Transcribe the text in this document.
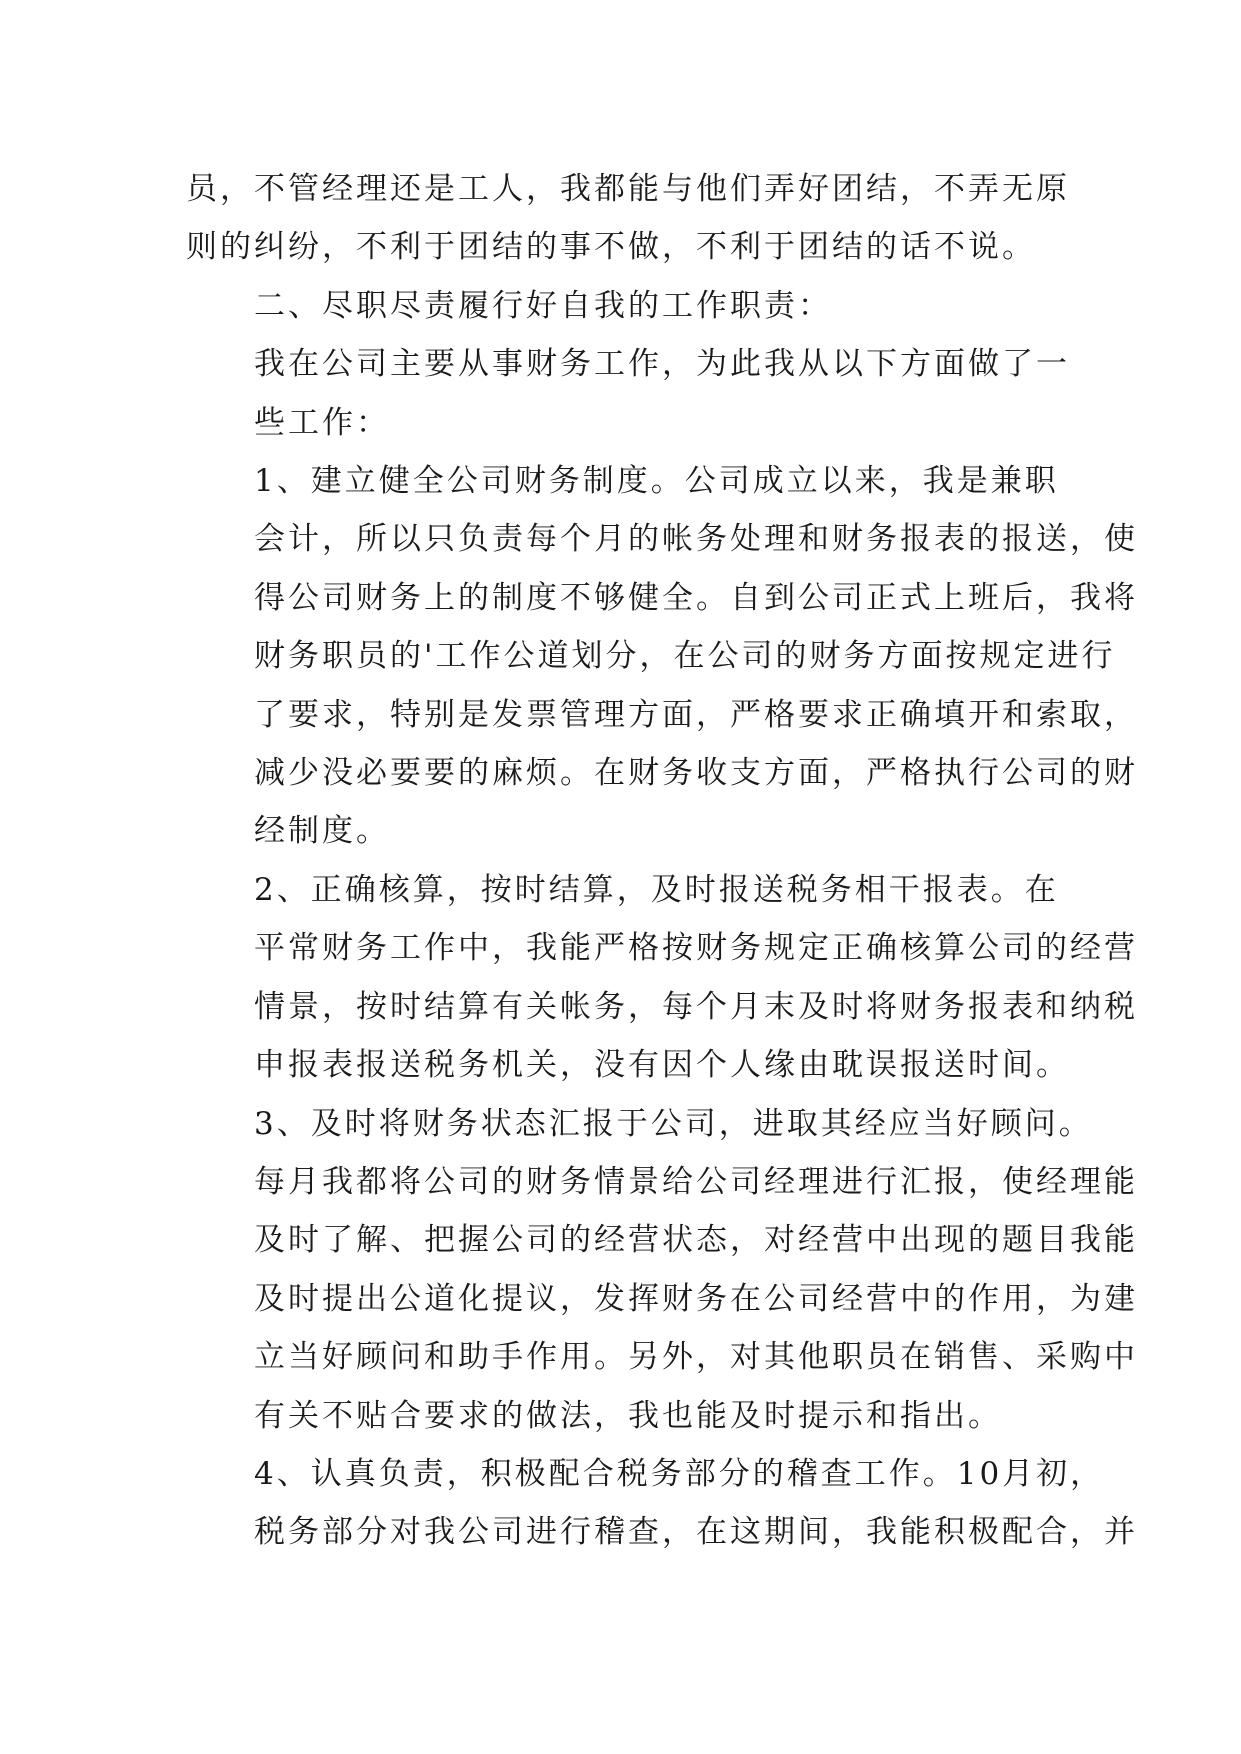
员，不管经理还是工人，我都能与他们弄好团结，不弄无原
则的纠纷，不利于团结的事不做，不利于团结的话不说。
二、尽职尽责履行好自我的工作职责：
我在公司主要从事财务工作，为此我从以下方面做了一
些工作：
1、建立健全公司财务制度。公司成立以来，我是兼职
会计，所以只负责每个月的帐务处理和财务报表的报送，使
得公司财务上的制度不够健全。自到公司正式上班后，我将
财务职员的'工作公道划分，在公司的财务方面按规定进行
了要求，特别是发票管理方面，严格要求正确填开和索取，
减少没必要要的麻烦。在财务收支方面，严格执行公司的财
经制度。
2、正确核算，按时结算，及时报送税务相干报表。在
平常财务工作中，我能严格按财务规定正确核算公司的经营
情景，按时结算有关帐务，每个月末及时将财务报表和纳税
申报表报送税务机关，没有因个人缘由耽误报送时间。
3、及时将财务状态汇报于公司，进取其经应当好顾问。
每月我都将公司的财务情景给公司经理进行汇报，使经理能
及时了解、把握公司的经营状态，对经营中出现的题目我能
及时提出公道化提议，发挥财务在公司经营中的作用，为建
立当好顾问和助手作用。另外，对其他职员在销售、采购中
有关不贴合要求的做法，我也能及时提示和指出。
4、认真负责，积极配合税务部分的稽查工作。10月初，
税务部分对我公司进行稽查，在这期间，我能积极配合，并
